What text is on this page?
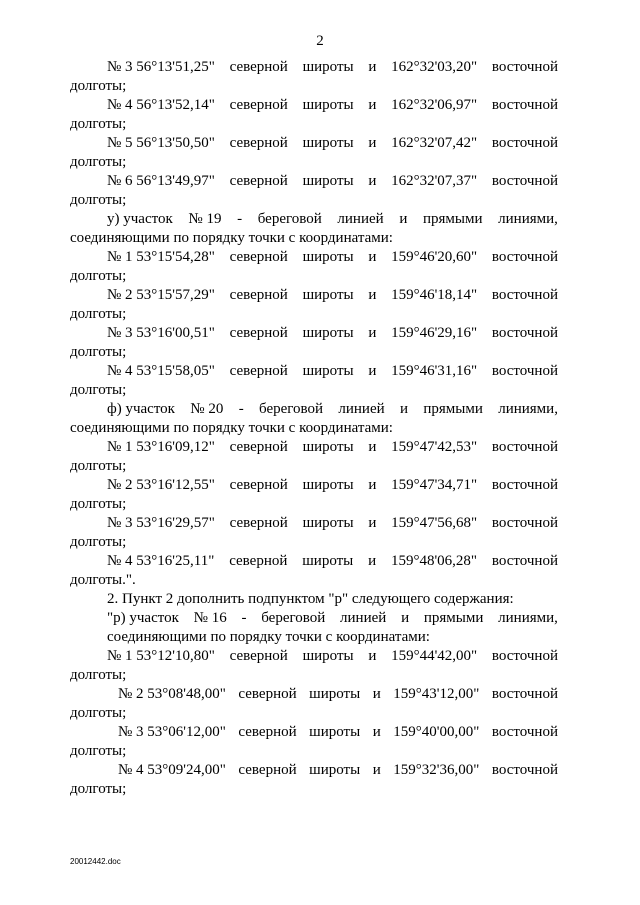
2
№ 3 56°13'51,25" северной широты и 162°32'03,20" восточной
долготы;
№ 4 56°13'52,14" северной широты и 162°32'06,97" восточной
долготы;
№ 5 56°13'50,50" северной широты и 162°32'07,42" восточной
долготы;
№ 6 56°13'49,97" северной широты и 162°32'07,37" восточной
долготы;
у) участок № 19 - береговой линией и прямыми линиями,
соединяющими по порядку точки с координатами:
№ 1 53°15'54,28" северной широты и 159°46'20,60" восточной
долготы;
№ 2 53°15'57,29" северной широты и 159°46'18,14" восточной
долготы;
№ 3 53°16'00,51" северной широты и 159°46'29,16" восточной
долготы;
№ 4 53°15'58,05" северной широты и 159°46'31,16" восточной
долготы;
ф) участок № 20 - береговой линией и прямыми линиями,
соединяющими по порядку точки с координатами:
№ 1 53°16'09,12" северной широты и 159°47'42,53" восточной
долготы;
№ 2 53°16'12,55" северной широты и 159°47'34,71" восточной
долготы;
№ 3 53°16'29,57" северной широты и 159°47'56,68" восточной
долготы;
№ 4 53°16'25,11" северной широты и 159°48'06,28" восточной
долготы.".
2. Пункт 2 дополнить подпунктом "р" следующего содержания:
"р) участок № 16 - береговой линией и прямыми линиями,
соединяющими по порядку точки с координатами:
№ 1 53°12'10,80" северной широты и 159°44'42,00" восточной
долготы;
№ 2 53°08'48,00" северной широты и 159°43'12,00" восточной
долготы;
№ 3 53°06'12,00" северной широты и 159°40'00,00" восточной
долготы;
№ 4 53°09'24,00" северной широты и 159°32'36,00" восточной
долготы;
20012442.doc
